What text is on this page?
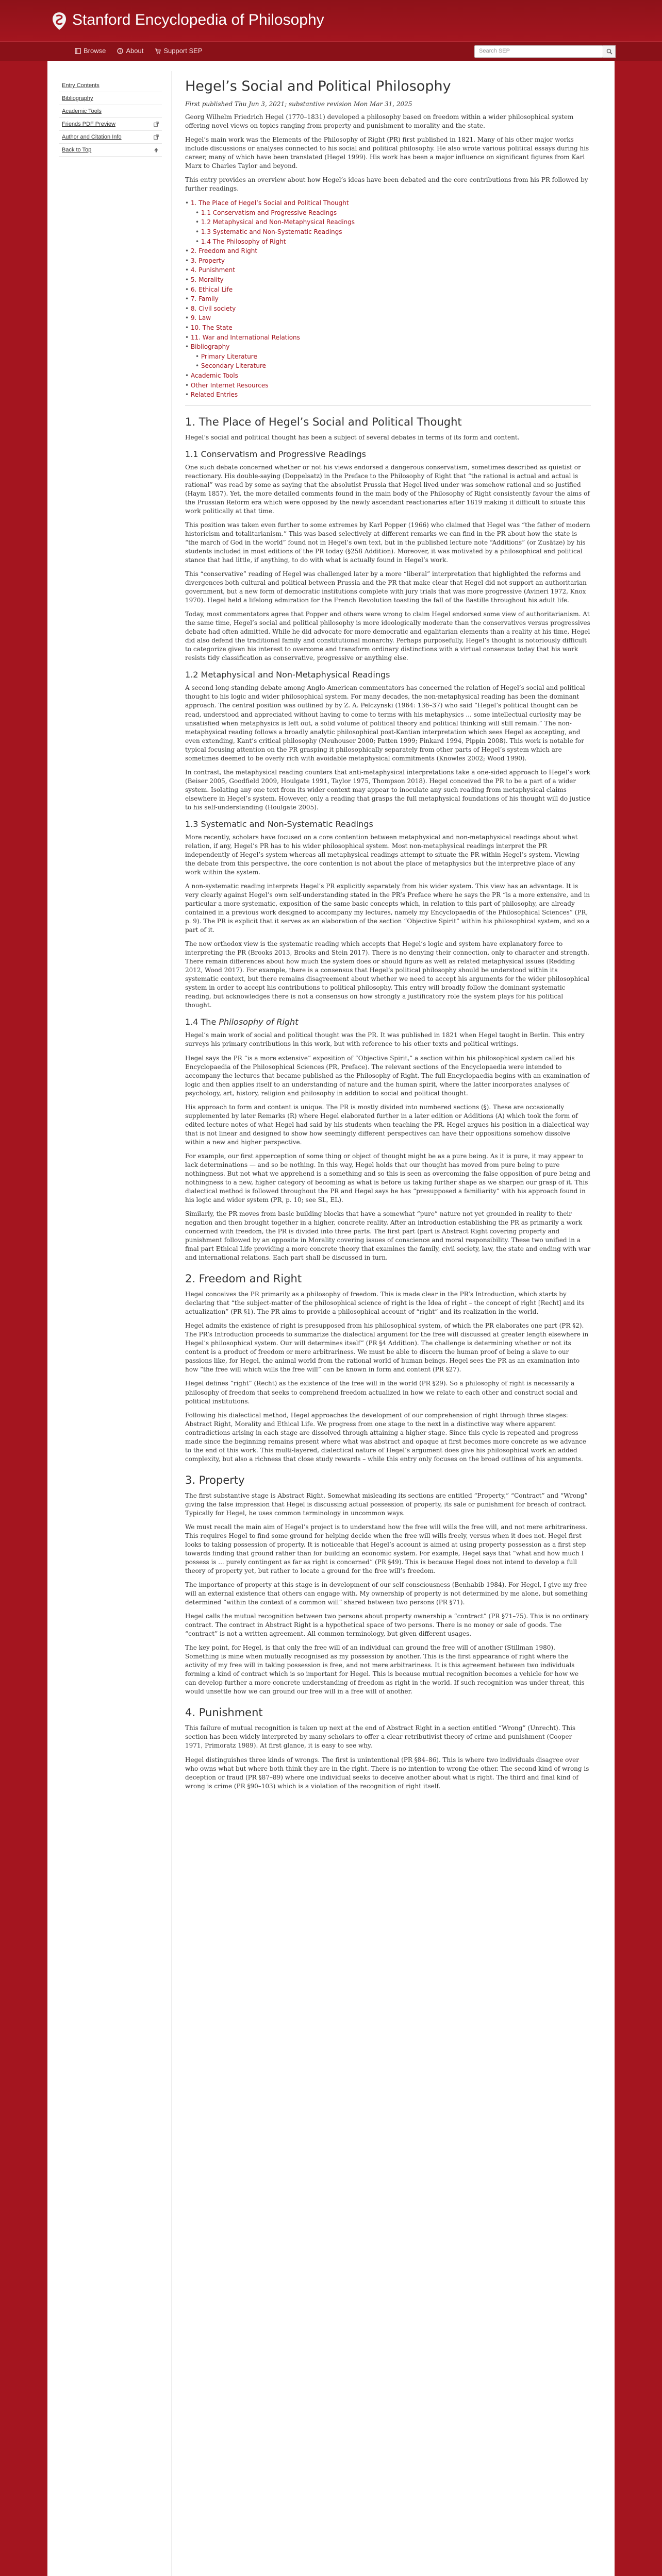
Stanford Encyclopedia of Philosophy
Browse	About	Support SEP	Search SEP
Entry Contents
Bibliography
Academic Tools
Friends PDF Preview
Author and Citation Info
Back to Top
Hegel’s Social and Political Philosophy
First published Thu Jun 3, 2021; substantive revision Mon Mar 31, 2025

Georg Wilhelm Friedrich Hegel (1770–1831) developed a philosophy based on freedom within a wider philosophical system offering novel views on topics ranging from property and punishment to morality and the state.

Hegel’s main work was the Elements of the Philosophy of Right (PR) first published in 1821. Many of his other major works include discussions or analyses connected to his social and political philosophy. He also wrote various political essays during his career, many of which have been translated (Hegel 1999). His work has been a major influence on significant figures from Karl Marx to Charles Taylor and beyond.

This entry provides an overview about how Hegel’s ideas have been debated and the core contributions from his PR followed by further readings.

• 1. The Place of Hegel’s Social and Political Thought
• 1.1 Conservatism and Progressive Readings
• 1.2 Metaphysical and Non-Metaphysical Readings
• 1.3 Systematic and Non-Systematic Readings
• 1.4 The Philosophy of Right
• 2. Freedom and Right
• 3. Property
• 4. Punishment
• 5. Morality
• 6. Ethical Life
• 7. Family
• 8. Civil society
• 9. Law
• 10. The State
• 11. War and International Relations
• Bibliography
• Primary Literature
• Secondary Literature
• Academic Tools
• Other Internet Resources
• Related Entries
1. The Place of Hegel’s Social and Political Thought

Hegel’s social and political thought has been a subject of several debates in terms of its form and content.

1.1 Conservatism and Progressive Readings

One such debate concerned whether or not his views endorsed a dangerous conservatism, sometimes described as quietist or reactionary. His double-saying (Doppelsatz) in the Preface to the Philosophy of Right that “the rational is actual and actual is rational” was read by some as saying that the absolutist Prussia that Hegel lived under was somehow rational and so justified (Haym 1857). Yet, the more detailed comments found in the main body of the Philosophy of Right consistently favour the aims of the Prussian Reform era which were opposed by the newly ascendant reactionaries after 1819 making it difficult to situate this work politically at that time.

This position was taken even further to some extremes by Karl Popper (1966) who claimed that Hegel was “the father of modern historicism and totalitarianism.” This was based selectively at different remarks we can find in the PR about how the state is “the march of God in the world” found not in Hegel’s own text, but in the published lecture note “Additions” (or Zusätze) by his students included in most editions of the PR today (§258 Addition). Moreover, it was motivated by a philosophical and political stance that had little, if anything, to do with what is actually found in Hegel’s work.

This “conservative” reading of Hegel was challenged later by a more “liberal” interpretation that highlighted the reforms and divergences both cultural and political between Prussia and the PR that make clear that Hegel did not support an authoritarian government, but a new form of democratic institutions complete with jury trials that was more progressive (Avineri 1972, Knox 1970). Hegel held a lifelong admiration for the French Revolution toasting the fall of the Bastille throughout his adult life.

Today, most commentators agree that Popper and others were wrong to claim Hegel endorsed some view of authoritarianism. At the same time, Hegel’s social and political philosophy is more ideologically moderate than the conservatives versus progressives debate had often admitted. While he did advocate for more democratic and egalitarian elements than a reality at his time, Hegel did also defend the traditional family and constitutional monarchy. Perhaps purposefully, Hegel’s thought is notoriously difficult to categorize given his interest to overcome and transform ordinary distinctions with a virtual consensus today that his work resists tidy classification as conservative, progressive or anything else.

1.2 Metaphysical and Non-Metaphysical Readings

A second long-standing debate among Anglo-American commentators has concerned the relation of Hegel’s social and political thought to his logic and wider philosophical system. For many decades, the non-metaphysical reading has been the dominant approach. The central position was outlined by by Z. A. Pelczynski (1964: 136–37) who said “Hegel’s political thought can be read, understood and appreciated without having to come to terms with his metaphysics ... some intellectual curiosity may be unsatisfied when metaphysics is left out, a solid volume of political theory and political thinking will still remain.” The non-metaphysical reading follows a broadly analytic philosophical post-Kantian interpretation which sees Hegel as accepting, and even extending, Kant’s critical philosophy (Neuhouser 2000; Patten 1999; Pinkard 1994, Pippin 2008). This work is notable for typical focusing attention on the PR grasping it philosophically separately from other parts of Hegel’s system which are sometimes deemed to be overly rich with avoidable metaphysical commitments (Knowles 2002; Wood 1990).

In contrast, the metaphysical reading counters that anti-metaphysical interpretations take a one-sided approach to Hegel’s work (Beiser 2005, Goodfield 2009, Houlgate 1991, Taylor 1975, Thompson 2018). Hegel conceived the PR to be a part of a wider system. Isolating any one text from its wider context may appear to inoculate any such reading from metaphysical claims elsewhere in Hegel’s system. However, only a reading that grasps the full metaphysical foundations of his thought will do justice to his self-understanding (Houlgate 2005).

1.3 Systematic and Non-Systematic Readings

More recently, scholars have focused on a core contention between metaphysical and non-metaphysical readings about what relation, if any, Hegel’s PR has to his wider philosophical system. Most non-metaphysical readings interpret the PR independently of Hegel’s system whereas all metaphysical readings attempt to situate the PR within Hegel’s system. Viewing the debate from this perspective, the core contention is not about the place of metaphysics but the interpretive place of any work within the system.

A non-systematic reading interprets Hegel’s PR explicitly separately from his wider system. This view has an advantage. It is very clearly against Hegel’s own self-understanding stated in the PR’s Preface where he says the PR “is a more extensive, and in particular a more systematic, exposition of the same basic concepts which, in relation to this part of philosophy, are already contained in a previous work designed to accompany my lectures, namely my Encyclopaedia of the Philosophical Sciences” (PR, p. 9). The PR is explicit that it serves as an elaboration of the section “Objective Spirit” within his philosophical system, and so a part of it.

The now orthodox view is the systematic reading which accepts that Hegel’s logic and system have explanatory force to interpreting the PR (Brooks 2013, Brooks and Stein 2017). There is no denying their connection, only to character and strength. There remain differences about how much the system does or should figure as well as related metaphysical issues (Redding 2012, Wood 2017). For example, there is a consensus that Hegel’s political philosophy should be understood within its systematic context, but there remains disagreement about whether we need to accept his arguments for the wider philosophical system in order to accept his contributions to political philosophy. This entry will broadly follow the dominant systematic reading, but acknowledges there is not a consensus on how strongly a justificatory role the system plays for his political thought.

1.4 The Philosophy of Right

Hegel’s main work of social and political thought was the PR. It was published in 1821 when Hegel taught in Berlin. This entry surveys his primary contributions in this work, but with reference to his other texts and political writings.

Hegel says the PR “is a more extensive” exposition of “Objective Spirit,” a section within his philosophical system called his Encyclopaedia of the Philosophical Sciences (PR, Preface). The relevant sections of the Encyclopaedia were intended to accompany the lectures that became published as the Philosophy of Right. The full Encyclopaedia begins with an examination of logic and then applies itself to an understanding of nature and the human spirit, where the latter incorporates analyses of psychology, art, history, religion and philosophy in addition to social and political thought.

His approach to form and content is unique. The PR is mostly divided into numbered sections (§). These are occasionally supplemented by later Remarks (R) where Hegel elaborated further in a later edition or Additions (A) which took the form of edited lecture notes of what Hegel had said by his students when teaching the PR. Hegel argues his position in a dialectical way that is not linear and designed to show how seemingly different perspectives can have their oppositions somehow dissolve within a new and higher perspective.

For example, our first apperception of some thing or object of thought might be as a pure being. As it is pure, it may appear to lack determinations — and so be nothing. In this way, Hegel holds that our thought has moved from pure being to pure nothingness. But not what we apprehend is a something and so this is seen as overcoming the false opposition of pure being and nothingness to a new, higher category of becoming as what is before us taking further shape as we sharpen our grasp of it. This dialectical method is followed throughout the PR and Hegel says he has “presupposed a familiarity” with his approach found in his logic and wider system (PR, p. 10; see SL, EL).

Similarly, the PR moves from basic building blocks that have a somewhat “pure” nature not yet grounded in reality to their negation and then brought together in a higher, concrete reality. After an introduction establishing the PR as primarily a work concerned with freedom, the PR is divided into three parts. The first part (part is Abstract Right covering property and punishment followed by an opposite in Morality covering issues of conscience and moral responsibility. These two unified in a final part Ethical Life providing a more concrete theory that examines the family, civil society, law, the state and ending with war and international relations. Each part shall be discussed in turn.

2. Freedom and Right

Hegel conceives the PR primarily as a philosophy of freedom. This is made clear in the PR’s Introduction, which starts by declaring that “the subject-matter of the philosophical science of right is the Idea of right – the concept of right [Recht] and its actualization” (PR §1). The PR aims to provide a philosophical account of “right” and its realization in the world.

Hegel admits the existence of right is presupposed from his philosophical system, of which the PR elaborates one part (PR §2). The PR’s Introduction proceeds to summarize the dialectical argument for the free will discussed at greater length elsewhere in Hegel’s philosophical system. Our will determines itself” (PR §4 Addition). The challenge is determining whether or not its content is a product of freedom or mere arbitrariness. We must be able to discern the human proof of being a slave to our passions like, for Hegel, the animal world from the rational world of human beings. Hegel sees the PR as an examination into how “the free will which wills the free will” can be known in form and content (PR §27).

Hegel defines “right” (Recht) as the existence of the free will in the world (PR §29). So a philosophy of right is necessarily a philosophy of freedom that seeks to comprehend freedom actualized in how we relate to each other and construct social and political institutions.

Following his dialectical method, Hegel approaches the development of our comprehension of right through three stages: Abstract Right, Morality and Ethical Life. We progress from one stage to the next in a distinctive way where apparent contradictions arising in each stage are dissolved through attaining a higher stage. Since this cycle is repeated and progress made since the beginning remains present where what was abstract and opaque at first becomes more concrete as we advance to the end of this work. This multi-layered, dialectical nature of Hegel’s argument does give his philosophical work an added complexity, but also a richness that close study rewards – while this entry only focuses on the broad outlines of his arguments.

3. Property

The first substantive stage is Abstract Right. Somewhat misleading its sections are entitled “Property,” “Contract” and “Wrong” giving the false impression that Hegel is discussing actual possession of property, its sale or punishment for breach of contract. Typically for Hegel, he uses common terminology in uncommon ways.

We must recall the main aim of Hegel’s project is to understand how the free will wills the free will, and not mere arbitrariness. This requires Hegel to find some ground for helping decide when the free will wills freely, versus when it does not. Hegel first looks to taking possession of property. It is noticeable that Hegel’s account is aimed at using property possession as a first step towards finding that ground rather than for building an economic system. For example, Hegel says that “what and how much I possess is ... purely contingent as far as right is concerned” (PR §49). This is because Hegel does not intend to develop a full theory of property yet, but rather to locate a ground for the free will’s freedom.

The importance of property at this stage is in development of our self-consciousness (Benhabib 1984). For Hegel, I give my free will an external existence that others can engage with. My ownership of property is not determined by me alone, but something determined “within the context of a common will” shared between two persons (PR §71).

Hegel calls the mutual recognition between two persons about property ownership a “contract” (PR §71–75). This is no ordinary contract. The contract in Abstract Right is a hypothetical space of two persons. There is no money or sale of goods. The “contract” is not a written agreement. All common terminology, but given different usages.

The key point, for Hegel, is that only the free will of an individual can ground the free will of another (Stillman 1980). Something is mine when mutually recognised as my possession by another. This is the first appearance of right where the activity of my free will in taking possession is free, and not mere arbitrariness. It is this agreement between two individuals forming a kind of contract which is so important for Hegel. This is because mutual recognition becomes a vehicle for how we can develop further a more concrete understanding of freedom as right in the world. If such recognition was under threat, this would unsettle how we can ground our free will in a free will of another.

4. Punishment

This failure of mutual recognition is taken up next at the end of Abstract Right in a section entitled “Wrong” (Unrecht). This section has been widely interpreted by many scholars to offer a clear retributivist theory of crime and punishment (Cooper 1971, Primoratz 1989). At first glance, it is easy to see why.

Hegel distinguishes three kinds of wrongs. The first is unintentional (PR §84–86). This is where two individuals disagree over who owns what but where both think they are in the right. There is no intention to wrong the other. The second kind of wrong is deception or fraud (PR §87–89) where one individual seeks to deceive another about what is right. The third and final kind of wrong is crime (PR §90–103) which is a violation of the recognition of right itself.
